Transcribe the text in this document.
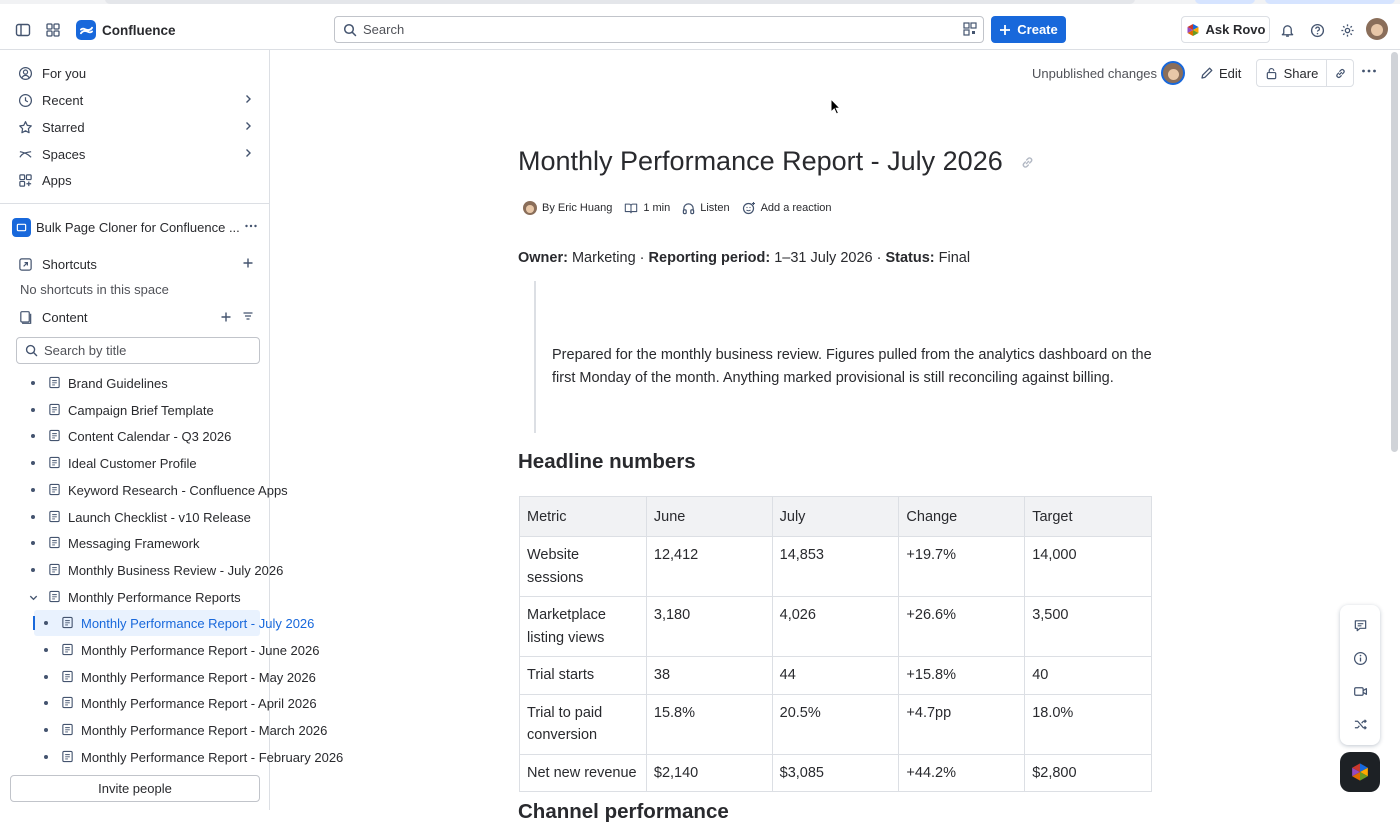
Confluence
Search	Create	Ask Rovo
For you
Recent
Starred
Spaces
Apps
Bulk Page Cloner for Confluence ...
Shortcuts
No shortcuts in this space
Content
Search by title
Brand Guidelines
Campaign Brief Template
Content Calendar - Q3 2026
Ideal Customer Profile
Keyword Research - Confluence Apps
Launch Checklist - v10 Release
Messaging Framework
Monthly Business Review - July 2026
Monthly Performance Reports
Monthly Performance Report - July 2026
Monthly Performance Report - June 2026
Monthly Performance Report - May 2026
Monthly Performance Report - April 2026
Monthly Performance Report - March 2026
Monthly Performance Report - February 2026
Invite people
Unpublished changes	Edit	Share
Monthly Performance Report - July 2026
By Eric Huang	1 min	Listen	Add a reaction
Owner: Marketing · Reporting period: 1–31 July 2026 · Status: Final

Prepared for the monthly business review. Figures pulled from the analytics dashboard on the first Monday of the month. Anything marked provisional is still reconciling against billing.

Headline numbers
Metric	June	July	Change	Target
Website sessions	12,412	14,853	+19.7%	14,000
Marketplace listing views	3,180	4,026	+26.6%	3,500
Trial starts	38	44	+15.8%	40
Trial to paid conversion	15.8%	20.5%	+4.7pp	18.0%
Net new revenue	$2,140	$3,085	+44.2%	$2,800
Channel performance
